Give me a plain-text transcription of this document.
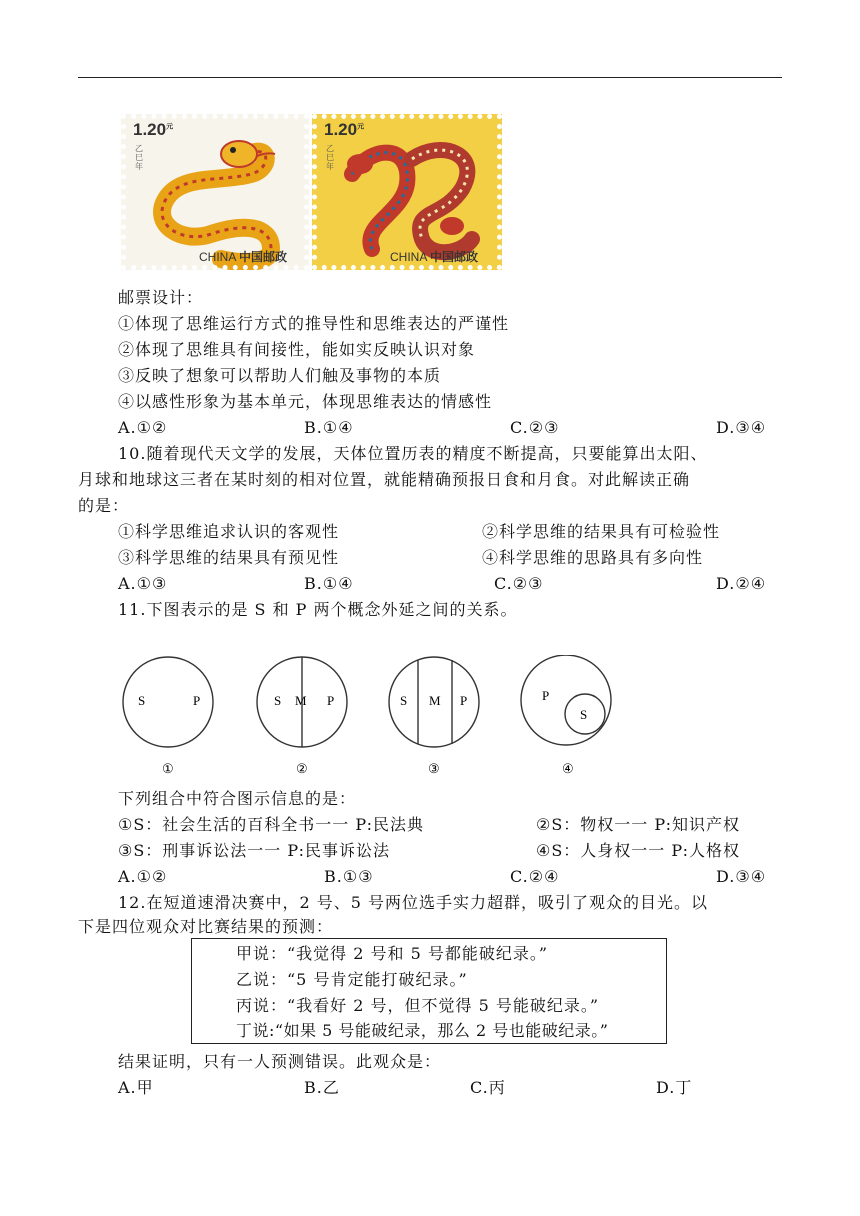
$1.20^元$
乙巳年
CHINA 中国邮政
$1.20^元$
乙巳年
CHINA 中国邮政
邮票设计：
①体现了思维运行方式的推导性和思维表达的严谨性
②体现了思维具有间接性，能如实反映认识对象
③反映了想象可以帮助人们触及事物的本质
④以感性形象为基本单元，体现思维表达的情感性
A.①②	B.①④	C.②③	D.③④
10.随着现代天文学的发展，天体位置历表的精度不断提高，只要能算出太阳、
月球和地球这三者在某时刻的相对位置，就能精确预报日食和月食。对此解读正确
的是：
①科学思维追求认识的客观性	②科学思维的结果具有可检验性
③科学思维的结果具有预见性	④科学思维的思路具有多向性
A.①③	B.①④	C.②③	D.②④
11.下图表示的是 S 和 P 两个概念外延之间的关系。
S	P
①
S M P
②
S M P
③
P
S
④
下列组合中符合图示信息的是：
①S：社会生活的百科全书一一 P:民法典	②S：物权一一 P:知识产权
③S：刑事诉讼法一一 P:民事诉讼法	④S：人身权一一 P:人格权
A.①②	B.①③	C.②④	D.③④
12.在短道速滑决赛中，2 号、5 号两位选手实力超群，吸引了观众的目光。以
下是四位观众对比赛结果的预测：
甲说：“我觉得 2 号和 5 号都能破纪录。”
乙说：“5 号肯定能打破纪录。”
丙说：“我看好 2 号，但不觉得 5 号能破纪录。”
丁说:“如果 5 号能破纪录，那么 2 号也能破纪录。”
结果证明，只有一人预测错误。此观众是：
A.甲	B.乙	C.丙	D.丁
